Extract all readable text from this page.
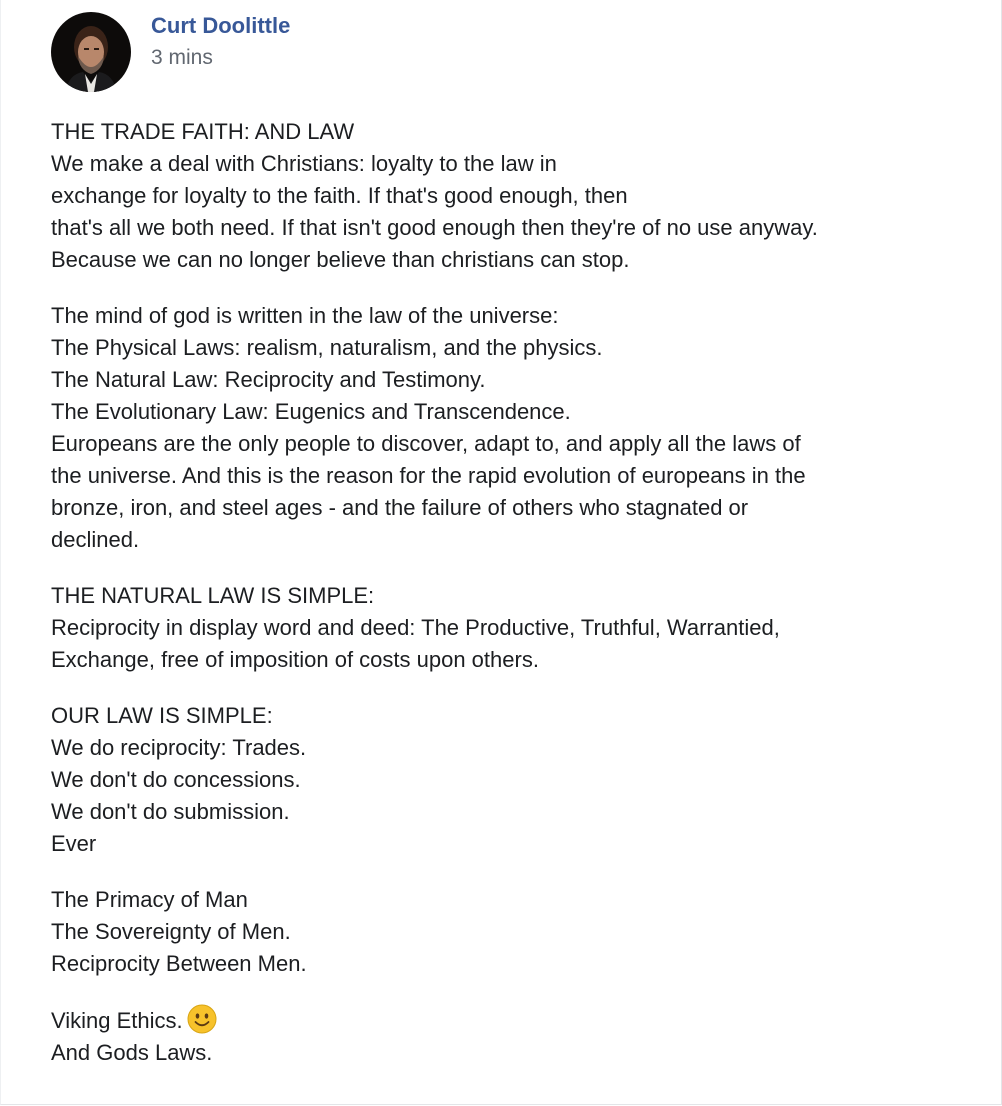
Curt Doolittle
3 mins
THE TRADE FAITH: AND LAW
We make a deal with Christians: loyalty to the law in
exchange for loyalty to the faith. If that's good enough, then
that's all we both need. If that isn't good enough then they're of no use anyway.
Because we can no longer believe than christians can stop.
The mind of god is written in the law of the universe:
The Physical Laws: realism, naturalism, and the physics.
The Natural Law: Reciprocity and Testimony.
The Evolutionary Law: Eugenics and Transcendence.
Europeans are the only people to discover, adapt to, and apply all the laws of
the universe. And this is the reason for the rapid evolution of europeans in the
bronze, iron, and steel ages - and the failure of others who stagnated or
declined.
THE NATURAL LAW IS SIMPLE:
Reciprocity in display word and deed: The Productive, Truthful, Warrantied,
Exchange, free of imposition of costs upon others.
OUR LAW IS SIMPLE:
We do reciprocity: Trades.
We don't do concessions.
We don't do submission.
Ever
The Primacy of Man
The Sovereignty of Men.
Reciprocity Between Men.
Viking Ethics.
And Gods Laws.
